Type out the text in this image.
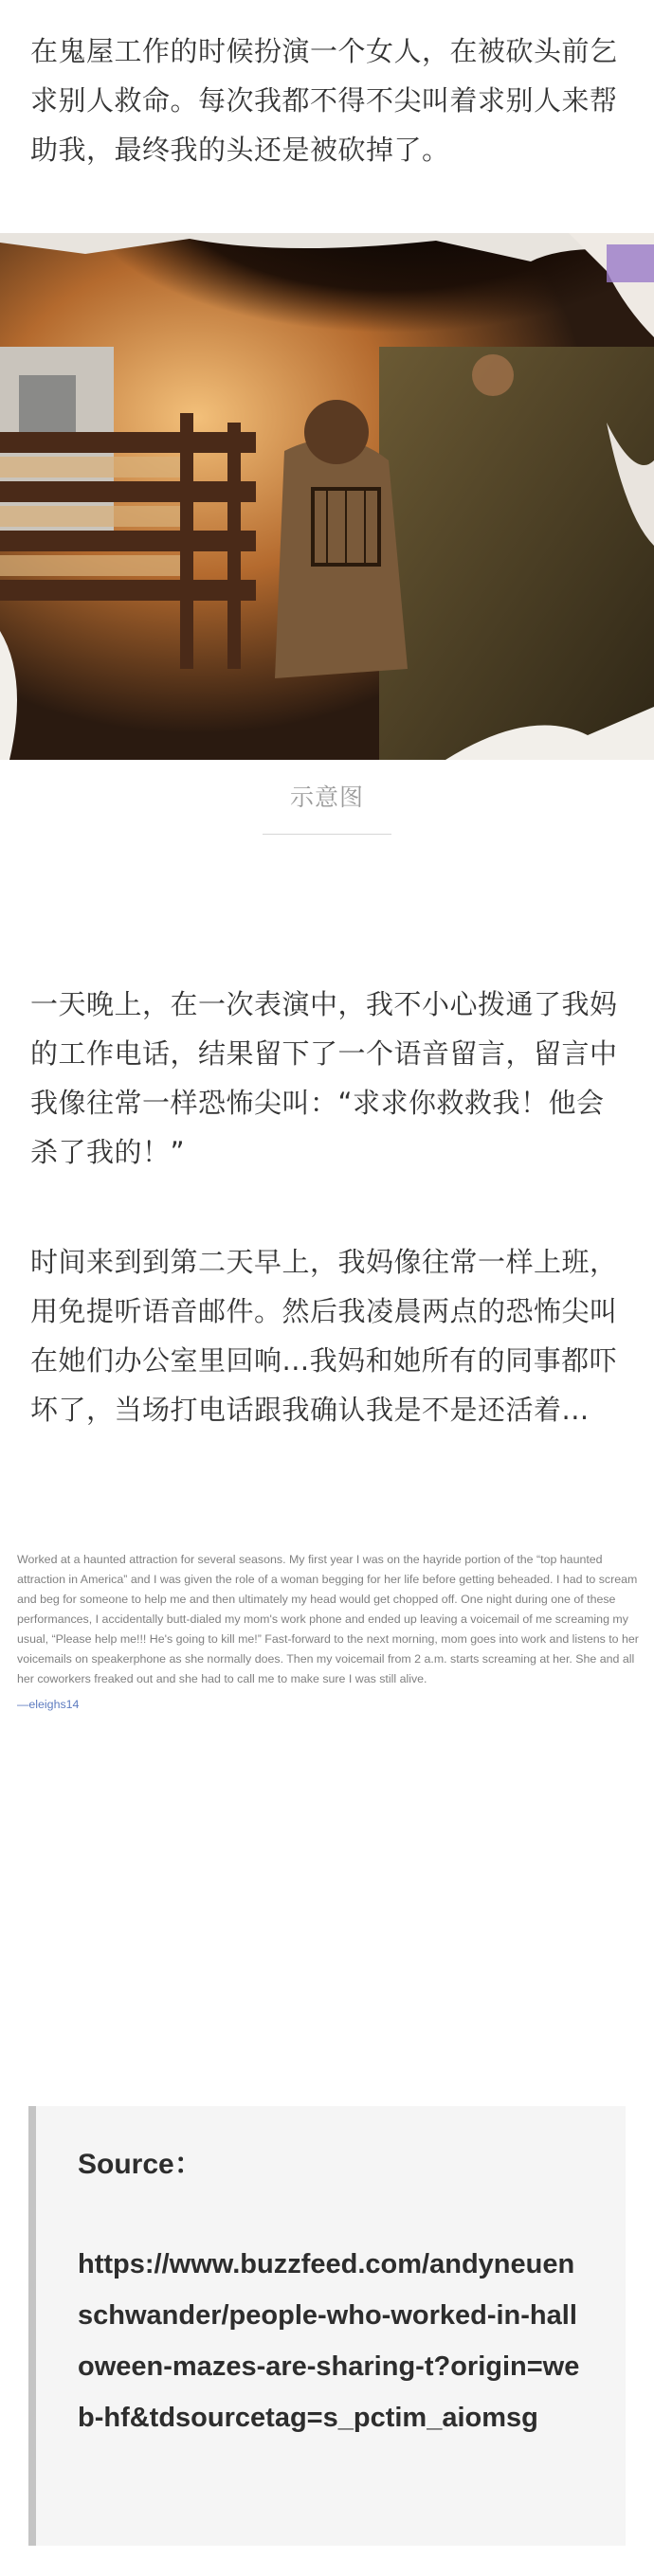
在鬼屋工作的时候扮演一个女人，在被砍头前乞求别人救命。每次我都不得不尖叫着求别人来帮助我，最终我的头还是被砍掉了。

示意图

一天晚上，在一次表演中，我不小心拨通了我妈的工作电话，结果留下了一个语音留言，留言中我像往常一样恐怖尖叫：“求求你救救我！他会杀了我的！”

时间来到到第二天早上，我妈像往常一样上班，用免提听语音邮件。然后我凌晨两点的恐怖尖叫在她们办公室里回响...我妈和她所有的同事都吓坏了，当场打电话跟我确认我是不是还活着...

Worked at a haunted attraction for several seasons. My first year I was on the hayride portion of the “top haunted attraction in America” and I was given the role of a woman begging for her life before getting beheaded. I had to scream and beg for someone to help me and then ultimately my head would get chopped off. One night during one of these performances, I accidentally butt-dialed my mom's work phone and ended up leaving a voicemail of me screaming my usual, “Please help me!!! He's going to kill me!” Fast-forward to the next morning, mom goes into work and listens to her voicemails on speakerphone as she normally does. Then my voicemail from 2 a.m. starts screaming at her. She and all her coworkers freaked out and she had to call me to make sure I was still alive.

—eleighs14

Source：
https://www.buzzfeed.com/andyneuenschwander/people-who-worked-in-halloween-mazes-are-sharing-t?origin=web-hf&tdsourcetag=s_pctim_aiomsg
